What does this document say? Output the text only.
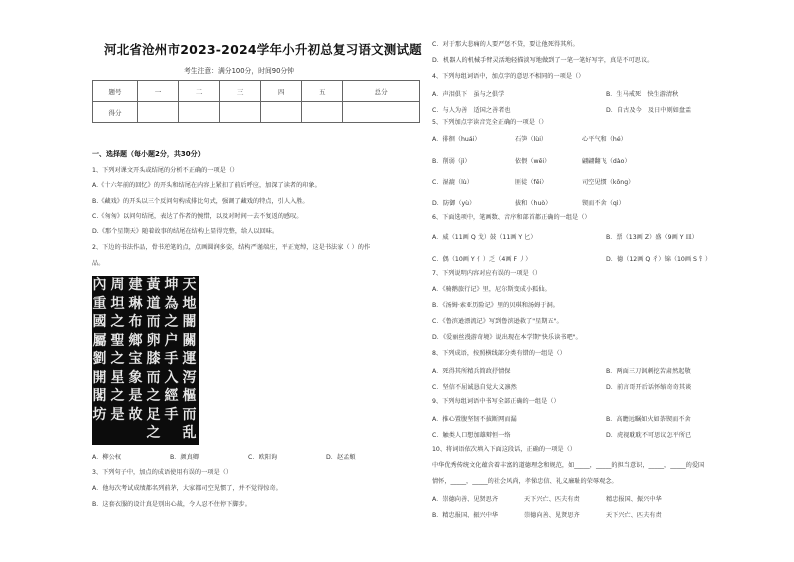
河北省沧州市2023-2024学年小升初总复习语文测试题
考生注意：满分100分，时间90分钟
题号	一	二	三	四	五	总分
得分						
一、选择题（每小题2分，共30分）
1、下列对课文开头或结尾的分析不正确的一项是（）
A.《十六年前的回忆》的开头和结尾在内容上紧扣了前后呼应，加深了读者的印象。
B.《藏戏》的开头以三个反问句构成排比句式，强调了藏戏的特点，引人入胜。
C.《匆匆》以问句结尾，表达了作者的惋惜，以及对时间一去不复返的感叹。
D.《那个星期天》随着故事的结尾在结构上显得完整，给人以回味。
2、下边的书法作品，骨书逆笔的点，点画圆润多姿，结构严谨端庄，平正宽绰，这是书法家（ ）的作
品。
天
地
闇
關
運
泻
樞
而
乱
坤
為
之
户
手
入
經
手
黃
道
而
卵
膝
而
之
足
之
建
琳
布
鄉
宝
象
是
故
周
坦
之
聖
之
星
之
是
內
重
國
屬
劉
開
閣
坊
A．柳公权	B．颜真卿	C．欧阳询	D．赵孟頫
3、下列句子中，加点的成语使用有误的一项是（）
A．他每次考试成绩都名列前茅，大家都司空见惯了，并不觉得惊奇。
B．这套衣服的设计真是别出心裁，令人忍不住停下脚步。
C．对于那大悲痛的人要严惩不贷，要让他死得其所。
D．机器人的机械手臂灵活地轻描淡写地做到了一笔一笔好写字，真是不可思议。
4、下列每组词语中，加点字的意思不相同的一项是（）
A．声泪俱下　虽与之俱学	B．生马戒死　快生游清秋
C．与人为善　适国之善者也	D．自古及今　及日中则如盘盂
5、下列加点字读音完全正确的一项是（）
A．徘徊（huái）	石笋（lùi）	心平气和（hé）
B．削弱（jì）	依偎（wēi）	翩翩翻飞（dào）
C．湿漉（lù）	匪徒（fēi）	司空见惯（kōng）
D．防御（yù）	拔和（huò）	锲而不舍（qì）
6、下面选项中，笔画数、音序和部首都正确的一组是（）
A．威（11画 Q 戈）鼓（11画 Y 匕）	B．票（13画 Z）盛（9画 Y 皿）
C．偶（10画 Y 亻）乏（4画 F 丿）	D．德（12画 Q 彳）锦（10画 S 钅）
7、下列说明内容对应有误的一项是（）
A．《骑鹅旅行记》里，尼尔斯变成小狐仙。
B．《汤姆·索亚历险记》里的贝琪和汤姆于洞。
C．《鲁滨逊漂流记》写到鲁滨逊救了"星期五"。
D．《爱丽丝漫游奇境》说出现在本学期"快乐读书吧"。
8、下列成语，按照横线部分类有错的一组是（）
A．死得其所精兵简政抒情保	B．两面三刀讽刺挖苦肃然起敬
C．坚信不屈诚恳自觉大义凛然	D．前言哥开后话怀缩奇奇其谈
9、下列每组词语中书写全部正确的一组是（）
A．推心置腹坚韧不拔断网而漏	B．高瞻远瞩如火如荼锲而不舍
C．触类人口想加雄辩恒一络	D．虎视耽耽不可思议怎平所已
10、将词语依次填入下面这段话，正确的一项是（）
中华优秀传统文化蕴含着丰富的道德理念和规范，如_____，_____的担当意识，_____，_____的爱国
情怀，_____，_____的社会风尚，孝悌忠信、礼义廉耻的荣辱观念。
A．崇德向善、见贤思齐	天下兴亡、匹夫有责	精忠报国、振兴中华
B．精忠报国、振兴中华	崇德向善、见贤思齐	天下兴亡、匹夫有责
